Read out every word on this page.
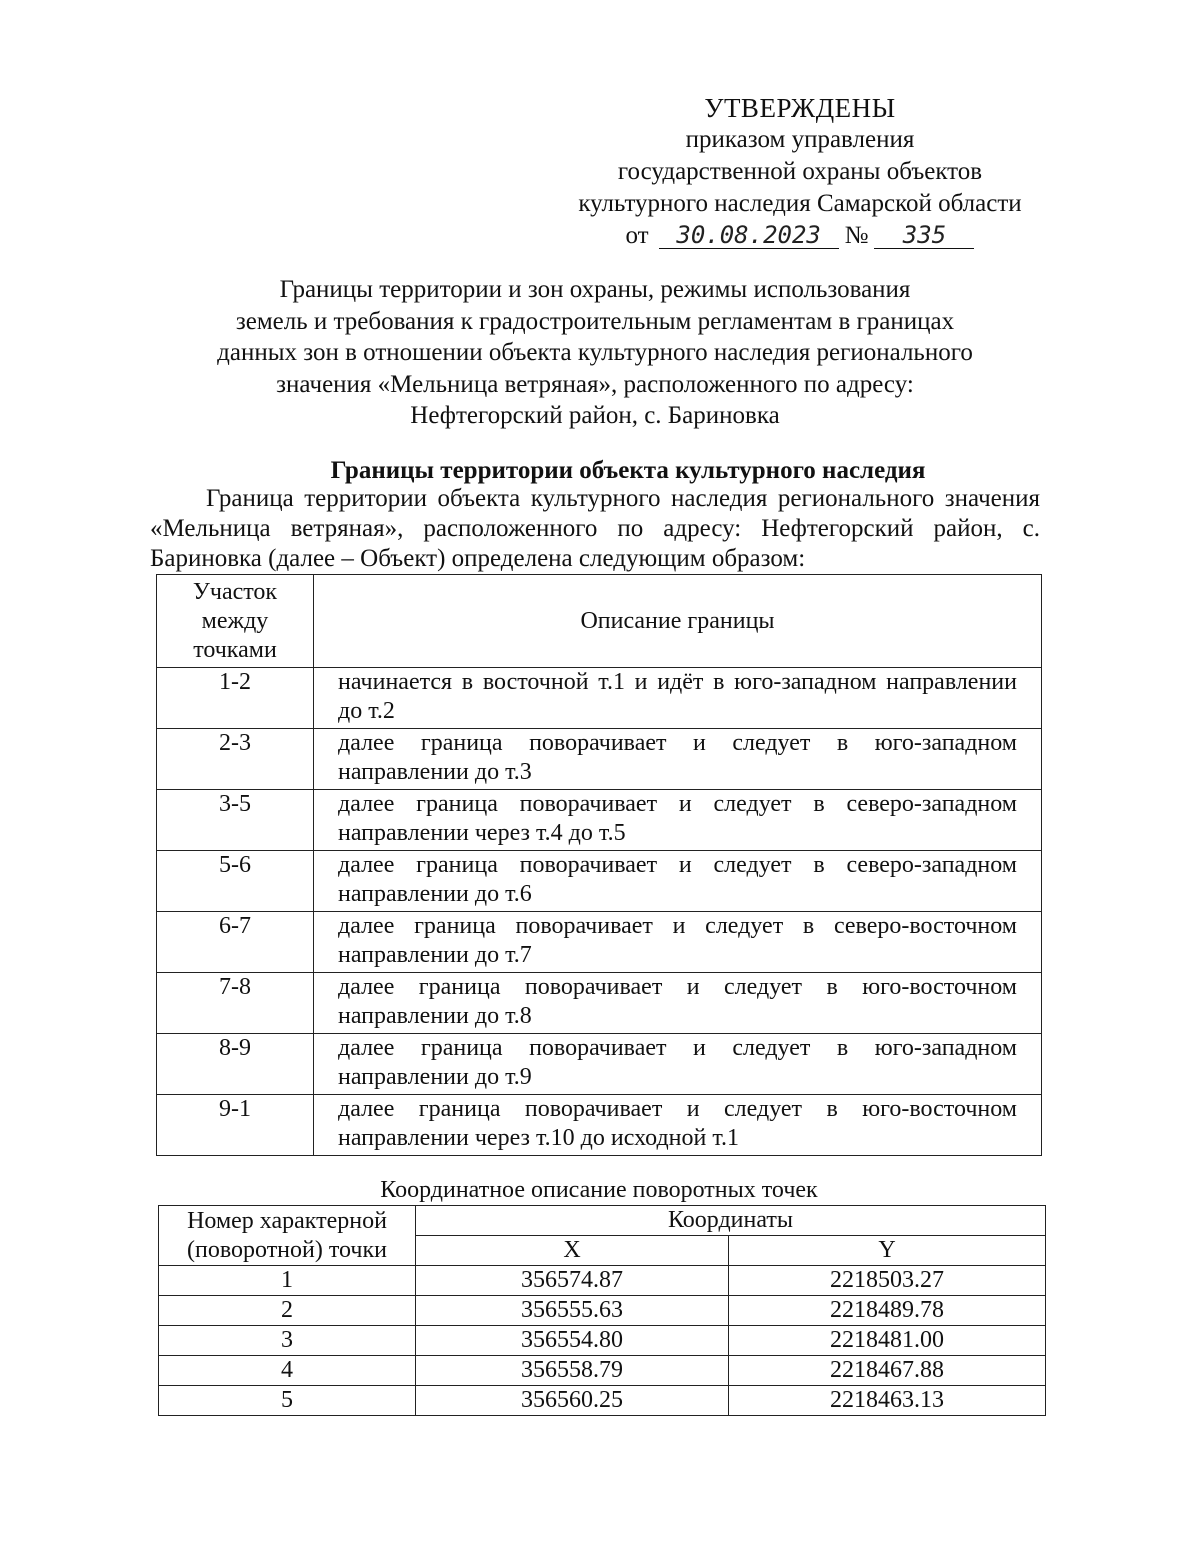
УТВЕРЖДЕНЫ
приказом управления
государственной охраны объектов
культурного наследия Самарской области
от 30.08.2023 № 335
Границы территории и зон охраны, режимы использования
земель и требования к градостроительным регламентам в границах
данных зон в отношении объекта культурного наследия регионального
значения «Мельница ветряная», расположенного по адресу:
Нефтегорский район, с. Бариновка
Границы территории объекта культурного наследия
Граница территории объекта культурного наследия регионального значения «Мельница ветряная», расположенного по адресу: Нефтегорский район, с. Бариновка (далее – Объект) определена следующим образом:
Участок
между
точками	Описание границы
1-2	начинается в восточной т.1 и идёт в юго-западном направлении до т.2
2-3	далее граница поворачивает и следует в юго-западном направлении до т.3
3-5	далее граница поворачивает и следует в северо-западном направлении через т.4 до т.5
5-6	далее граница поворачивает и следует в северо-западном направлении до т.6
6-7	далее граница поворачивает и следует в северо-восточном направлении до т.7
7-8	далее граница поворачивает и следует в юго-восточном направлении до т.8
8-9	далее граница поворачивает и следует в юго-западном направлении до т.9
9-1	далее граница поворачивает и следует в юго-восточном направлении через т.10 до исходной т.1
Координатное описание поворотных точек
Номер характерной
(поворотной) точки	Координаты	
	X	Y
1	356574.87	2218503.27
2	356555.63	2218489.78
3	356554.80	2218481.00
4	356558.79	2218467.88
5	356560.25	2218463.13
